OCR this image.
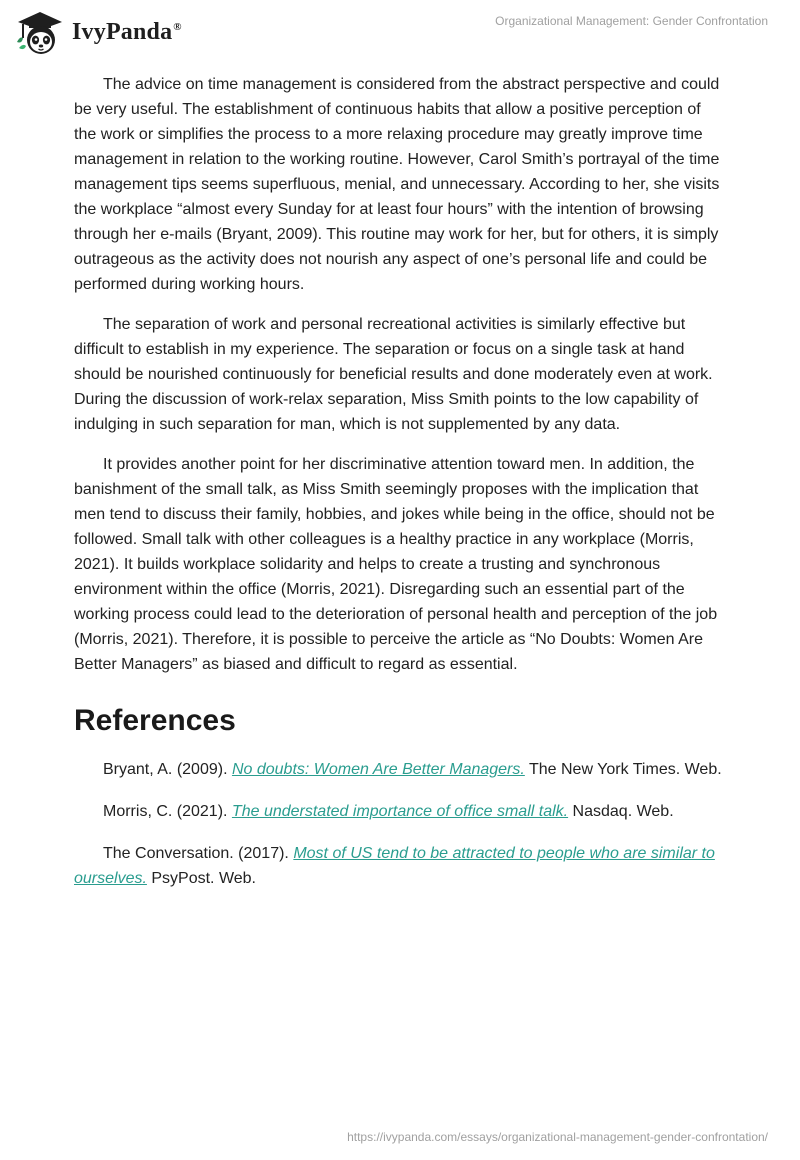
IvyPanda®	Organizational Management: Gender Confrontation

The advice on time management is considered from the abstract perspective and could be very useful. The establishment of continuous habits that allow a positive perception of the work or simplifies the process to a more relaxing procedure may greatly improve time management in relation to the working routine. However, Carol Smith’s portrayal of the time management tips seems superfluous, menial, and unnecessary. According to her, she visits the workplace “almost every Sunday for at least four hours” with the intention of browsing through her e-mails (Bryant, 2009). This routine may work for her, but for others, it is simply outrageous as the activity does not nourish any aspect of one’s personal life and could be performed during working hours.

The separation of work and personal recreational activities is similarly effective but difficult to establish in my experience. The separation or focus on a single task at hand should be nourished continuously for beneficial results and done moderately even at work. During the discussion of work-relax separation, Miss Smith points to the low capability of indulging in such separation for man, which is not supplemented by any data.

It provides another point for her discriminative attention toward men. In addition, the banishment of the small talk, as Miss Smith seemingly proposes with the implication that men tend to discuss their family, hobbies, and jokes while being in the office, should not be followed. Small talk with other colleagues is a healthy practice in any workplace (Morris, 2021). It builds workplace solidarity and helps to create a trusting and synchronous environment within the office (Morris, 2021). Disregarding such an essential part of the working process could lead to the deterioration of personal health and perception of the job (Morris, 2021). Therefore, it is possible to perceive the article as “No Doubts: Women Are Better Managers” as biased and difficult to regard as essential.

References

Bryant, A. (2009). No doubts: Women Are Better Managers. The New York Times. Web.

Morris, C. (2021). The understated importance of office small talk. Nasdaq. Web.

The Conversation. (2017). Most of US tend to be attracted to people who are similar to ourselves. PsyPost. Web.

https://ivypanda.com/essays/organizational-management-gender-confrontation/
